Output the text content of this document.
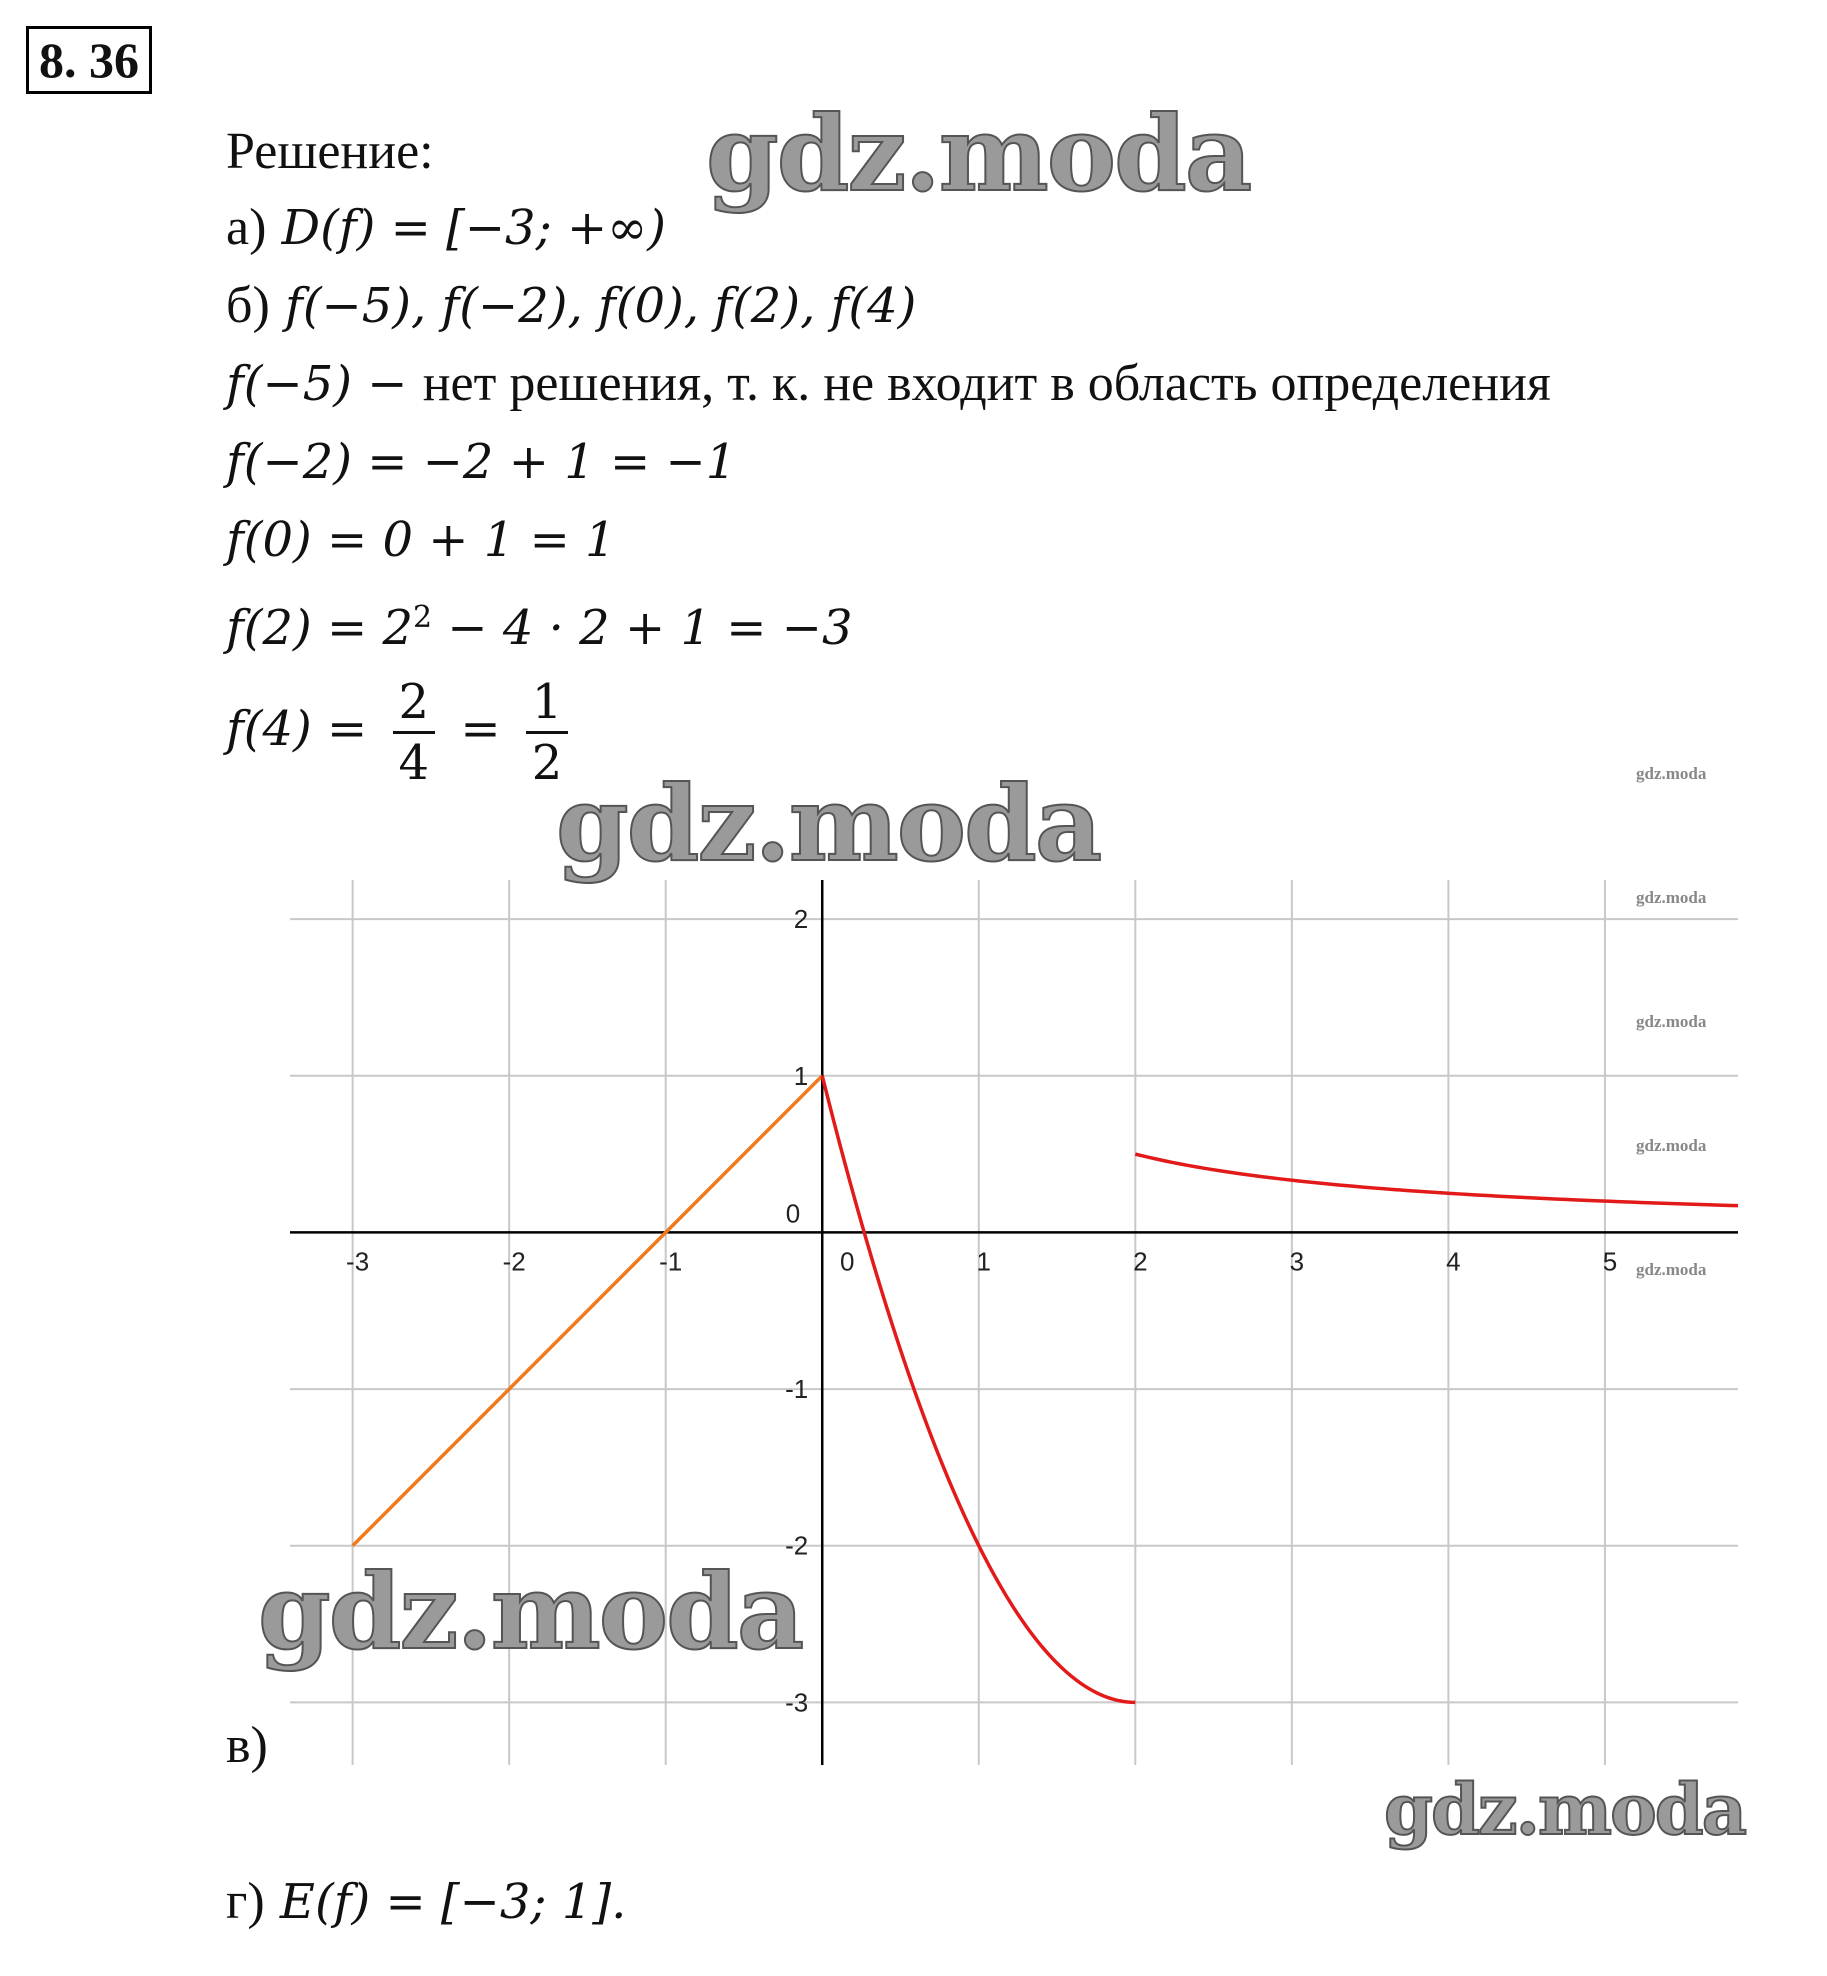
8. 36
Решение:
а) D(f) = [−3; +∞)
б) f(−5), f(−2), f(0), f(2), f(4)
f(−5) − нет решения, т. к. не входит в область определения
f(−2) = −2 + 1 = −1
f(0) = 0 + 1 = 1
$f(2) = 2^2 - 4 \cdot 2 + 1 = -3$
$f(4) = \frac{2}{4} = \frac{1}{2}$
-3	-2	-1	0	1	2	3	4	5
-3
-2
-1
0
1
2
в)
г) E(f) = [−3; 1].
gdz.moda
gdz.moda
gdz.moda
gdz.moda
gdz.moda
gdz.moda
gdz.moda
gdz.moda
gdz.moda
